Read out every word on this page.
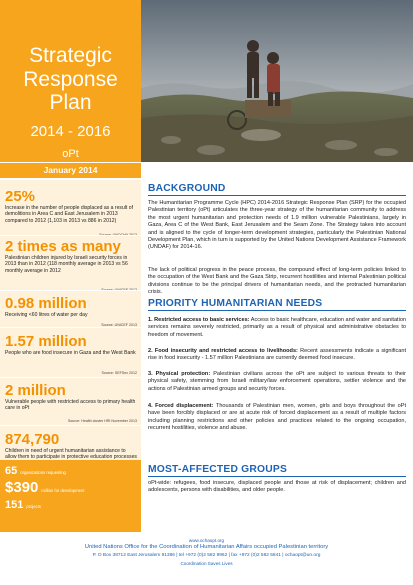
Strategic
Response
Plan
2014 - 2016
oPt
January 2014
25%
Increase in the number of people displaced as a result of demolitions in Area C and East Jerusalem in 2013 compared to 2012 (1,103 in 2013 vs 886 in 2012)
2 times as many
Palestinian children injured by Israeli security forces in 2013 than in 2012 (118 monthly average in 2013 vs 56 monthly average in 2012
0.98 million
Receiving <60 litres of water per day
Source: UNICEF 2013
1.57 million
People who are food insecure in Gaza and the West Bank
Source: SEFSec 2012
2 million
Vulnerable people with restricted access to primary health care in oPt
Source: Health cluster HRI November 2013
874,790
Children in need of urgent humanitarian assistance to allow them to participate in protective education processes
65 organizations requesting
$390 million for development
151 projects
BACKGROUND
The Humanitarian Programme Cycle (HPC) 2014-2016 Strategic Response Plan (SRP) for the occupied Palestinian territory (oPt) articulates the three-year strategy of the humanitarian community to address the most urgent humanitarian and protection needs of 1.9 million vulnerable Palestinians, largely in Gaza, Area C of the West Bank, East Jerusalem and the Seam Zone. The Strategy takes into account and is aligned to the cycle of longer-term development strategies, particularly the Palestinian National Development Plan, which in turn is supported by the United Nations Development Assistance Framework (UNDAF) for 2014-16.
The lack of political progress in the peace process, the compound effect of long-term policies linked to the occupation of the West Bank and the Gaza Strip, recurrent hostilities and internal Palestinian political divisions continue to be the principal drivers of humanitarian needs, and the protracted humanitarian crisis.
PRIORITY HUMANITARIAN NEEDS
1. Restricted access to basic services: Access to basic healthcare, education and water and sanitation services remains severely restricted, primarily as a result of physical and administrative obstacles to freedom of movement.
2. Food insecurity and restricted access to livelihoods: Recent assessments indicate a significant rise in food insecurity - 1.57 million Palestinians are currently deemed food insecure.
3. Physical protection: Palestinian civilians across the oPt are subject to various threats to their physical safety, stemming from Israeli military/law enforcement operations, settler violence and the actions of Palestinian armed groups and security forces.
4. Forced displacement: Thousands of Palestinian men, women, girls and boys throughout the oPt have been forcibly displaced or are at acute risk of forced displacement as a result of multiple factors including planning restrictions and other policies and practices related to the ongoing occupation, recurrent hostilities, violence and abuse.
MOST-AFFECTED GROUPS
oPt-wide: refugees, food insecure, displaced people and those at risk of displacement; children and adolescents, persons with disabilities, and older people.
www.ochaopt.org
United Nations Office for the Coordination of Humanitarian Affairs occupied Palestinian territory
P. O Box 38712 East Jerusalem 91386 | tel +972 (0)2 582 9962 | fax +972 (0)2 582 5841 | ochaopt@un.org
Coordination Saves Lives
